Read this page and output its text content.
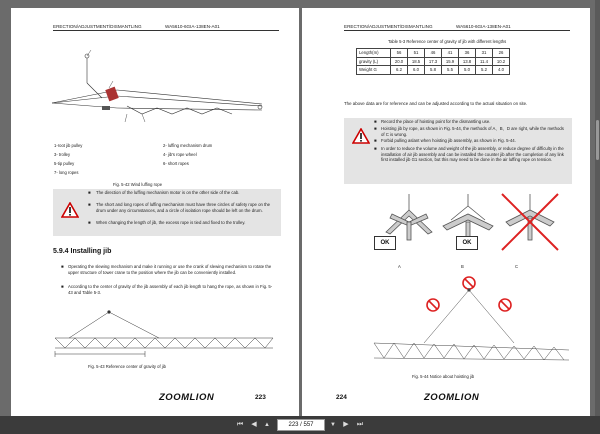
ERECTION/ADJUSTMENT/DISMANTLING	WA5610-6GIA-138EN-A01
1-root jib pulley	2- luffing mechanism drum
3- trolley	4- jib's rope wheel
5-tip pulley	6- short ropes
7- long ropes
Fig. 5-42 Wind luffing rope
■	The direction of the luffing mechanism motor is on the other side of the cab.
■	The short and long ropes of luffing mechanism must have three circles of safety rope on the drum under any circumstances, and a circle of isolation rope should be left on the drum.
■	When changing the length of jib, the excess rope is tied and fixed to the trolley.
5.9.4 Installing jib
■	Operating the slewing mechanism and make it running or use the crank of slewing mechanism to rotate the upper structure of tower crane to the position where the jib can be conveniently installed.
■	According to the center of gravity of the jib assembly of each jib length to hang the rope, as shown in Fig. 5-43 and Table 5-3.
Fig. 5-43 Reference center of gravity of jib
ZOOMLION	223
ERECTION/ADJUSTMENT/DISMANTLING	WA5610-6GIA-138EN-A01
Table 5-3 Reference center of gravity of jib with different lengths
Length(m)	56	51	46	41	36	31	26
gravity (L)	20.0	18.5	17.3	15.9	13.8	11.4	10.2
Weight G	6.2	6.0	5.8	5.5	5.0	5.2	4.0
The above data are for reference and can be adjusted according to the actual situation on site.
■	Record the place of hoisting point for the dismantling use.
■	Hoisting jib by rope, as shown in Fig. 5-44, the methods of A、B、D are right, while the methods of C is wrong.
■	Forbid pulling aslant when hoisting jib assembly, as shown in Fig. 5-44.
■	In order to reduce the volume and weight of the jib assembly, or reduce degree of difficulty in the installation of air jib assembly and can be installed the counter jib after the completion of any link first installed jib G1 section, but this may need to be done in the air luffing rope on tension.
OK	OK
A	B	C
Fig. 5-44 Notice about hoisting jib
224	ZOOMLION
⏮	◀	▲	223 / 557	▼	▶	⏭
